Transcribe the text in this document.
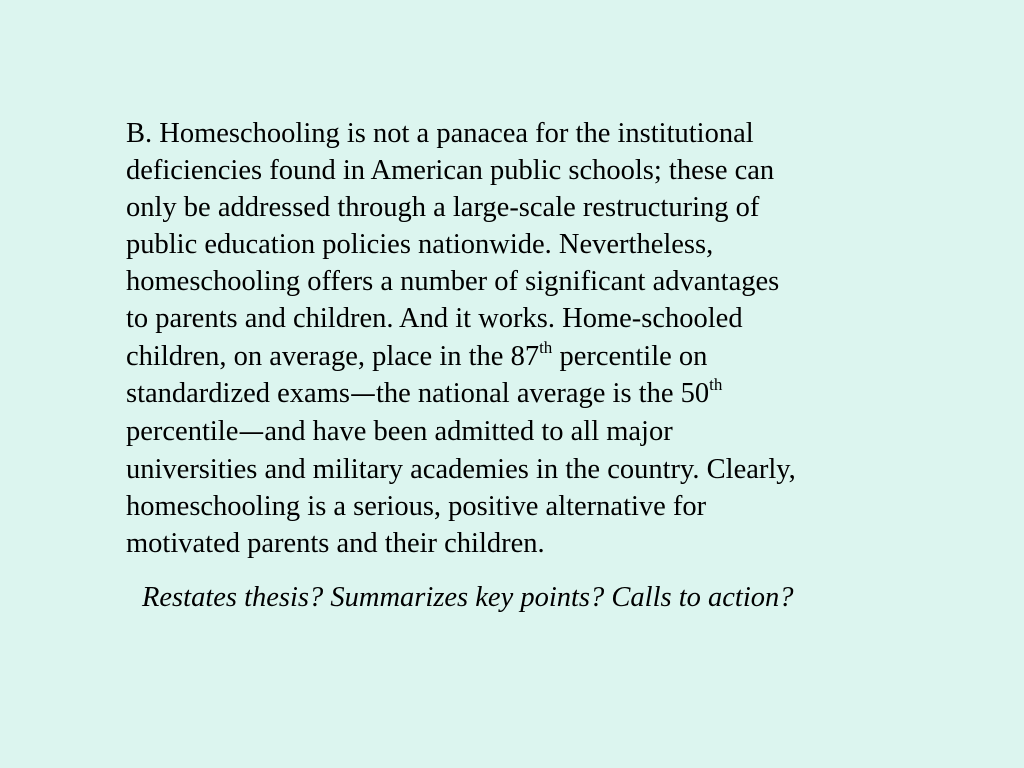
B. Homeschooling is not a panacea for the institutional
deficiencies found in American public schools; these can
only be addressed through a large-scale restructuring of
public education policies nationwide. Nevertheless,
homeschooling offers a number of significant advantages
to parents and children. And it works. Home-schooled
children, on average, place in the 87th percentile on
standardized exams—the national average is the 50th
percentile—and have been admitted to all major
universities and military academies in the country. Clearly,
homeschooling is a serious, positive alternative for
motivated parents and their children.

Restates thesis? Summarizes key points? Calls to action?
